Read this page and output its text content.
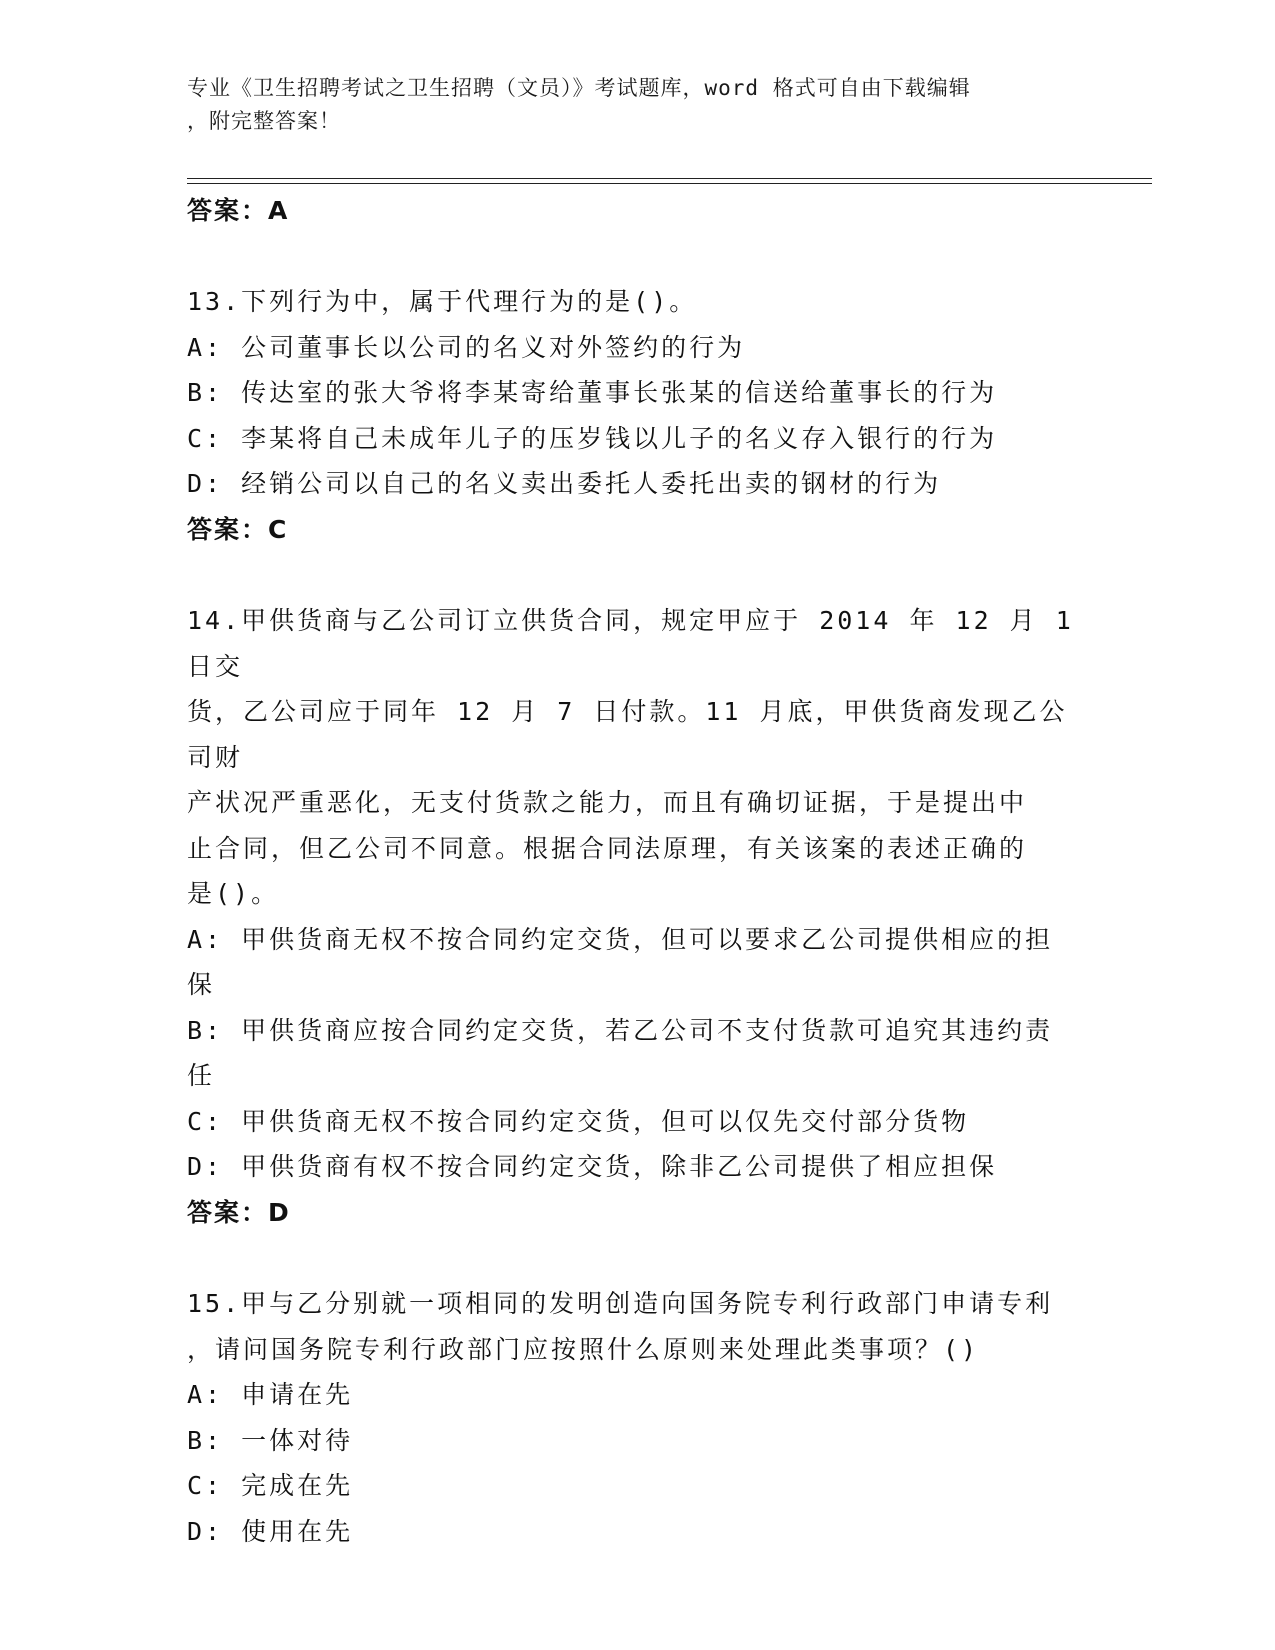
专业《卫生招聘考试之卫生招聘（文员）》考试题库，word 格式可自由下载编辑
，附完整答案！
答案：A
13.下列行为中，属于代理行为的是()。
A: 公司董事长以公司的名义对外签约的行为
B: 传达室的张大爷将李某寄给董事长张某的信送给董事长的行为
C: 李某将自己未成年儿子的压岁钱以儿子的名义存入银行的行为
D: 经销公司以自己的名义卖出委托人委托出卖的钢材的行为
答案：C
14.甲供货商与乙公司订立供货合同，规定甲应于 2014 年 12 月 1 日交
货，乙公司应于同年 12 月 7 日付款。11 月底，甲供货商发现乙公司财
产状况严重恶化，无支付货款之能力，而且有确切证据，于是提出中
止合同，但乙公司不同意。根据合同法原理，有关该案的表述正确的
是()。
A: 甲供货商无权不按合同约定交货，但可以要求乙公司提供相应的担
保
B: 甲供货商应按合同约定交货，若乙公司不支付货款可追究其违约责
任
C: 甲供货商无权不按合同约定交货，但可以仅先交付部分货物
D: 甲供货商有权不按合同约定交货，除非乙公司提供了相应担保
答案：D
15.甲与乙分别就一项相同的发明创造向国务院专利行政部门申请专利
，请问国务院专利行政部门应按照什么原则来处理此类事项？()
A: 申请在先
B: 一体对待
C: 完成在先
D: 使用在先
